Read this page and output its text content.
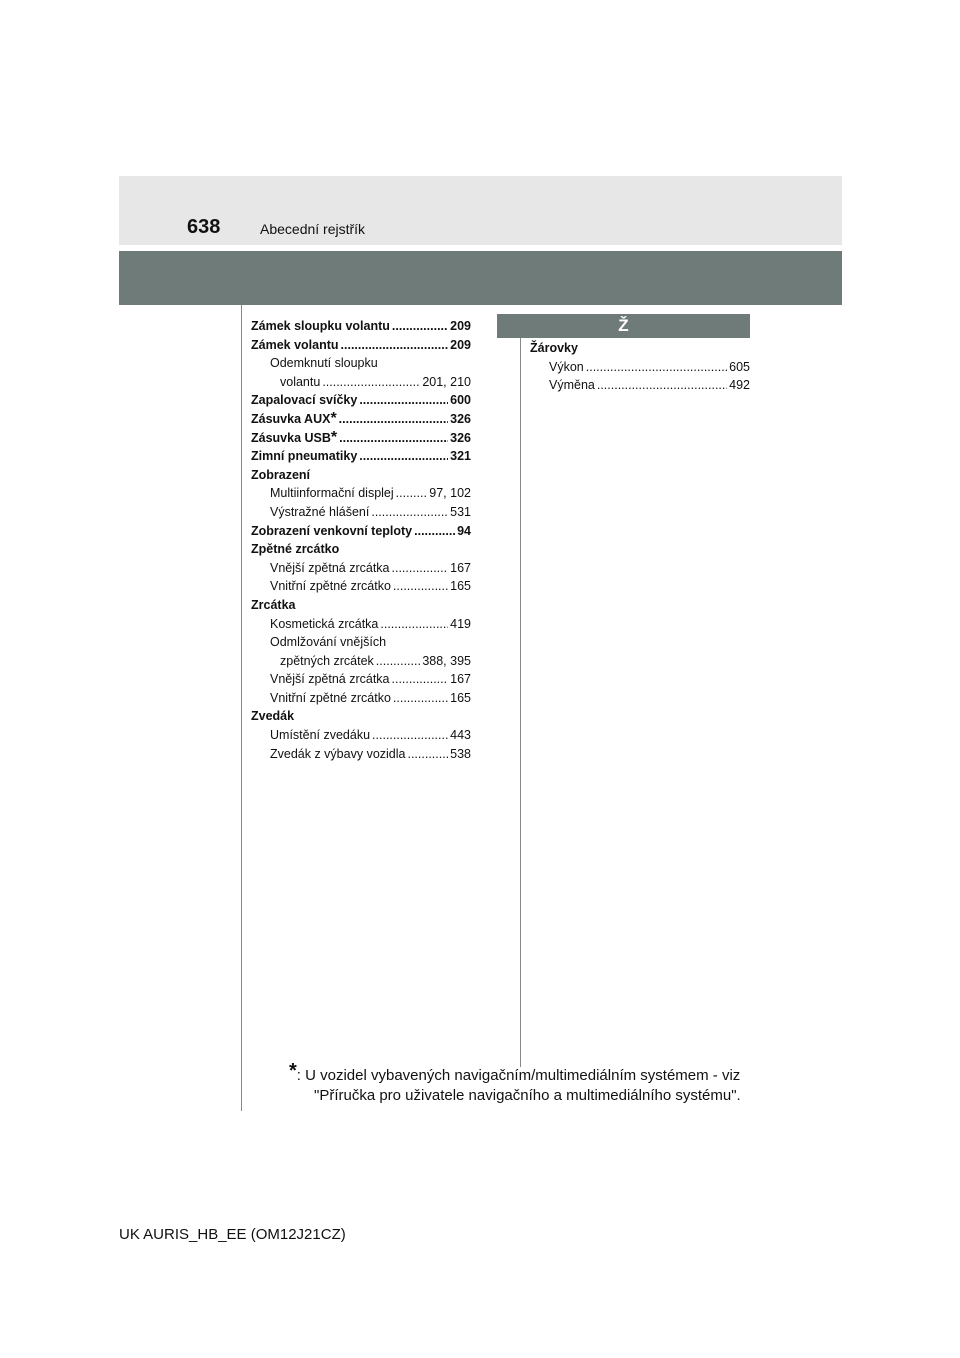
638	Abecední rejstřík
Zámek sloupku volantu .....	209
Zámek volantu .....	209
Odemknutí sloupku
volantu .....	201, 210
Zapalovací svíčky .....	600
Zásuvka AUX * .....	326
Zásuvka USB * .....	326
Zimní pneumatiky .....	321
Zobrazení
Multiinformační displej .....	97, 102
Výstražné hlášení .....	531
Zobrazení venkovní teploty .....	94
Zpětné zrcátko
Vnější zpětná zrcátka .....	167
Vnitřní zpětné zrcátko .....	165
Zrcátka
Kosmetická zrcátka .....	419
Odmlžování vnějších
zpětných zrcátek .....	388, 395
Vnější zpětná zrcátka .....	167
Vnitřní zpětné zrcátko .....	165
Zvedák
Umístění zvedáku .....	443
Zvedák z výbavy vozidla .....	538
Ž
Žárovky
Výkon .....	605
Výměna .....	492
*: U vozidel vybavených navigačním/multimediálním systémem - viz
"Příručka pro uživatele navigačního a multimediálního systému".
UK AURIS_HB_EE (OM12J21CZ)
